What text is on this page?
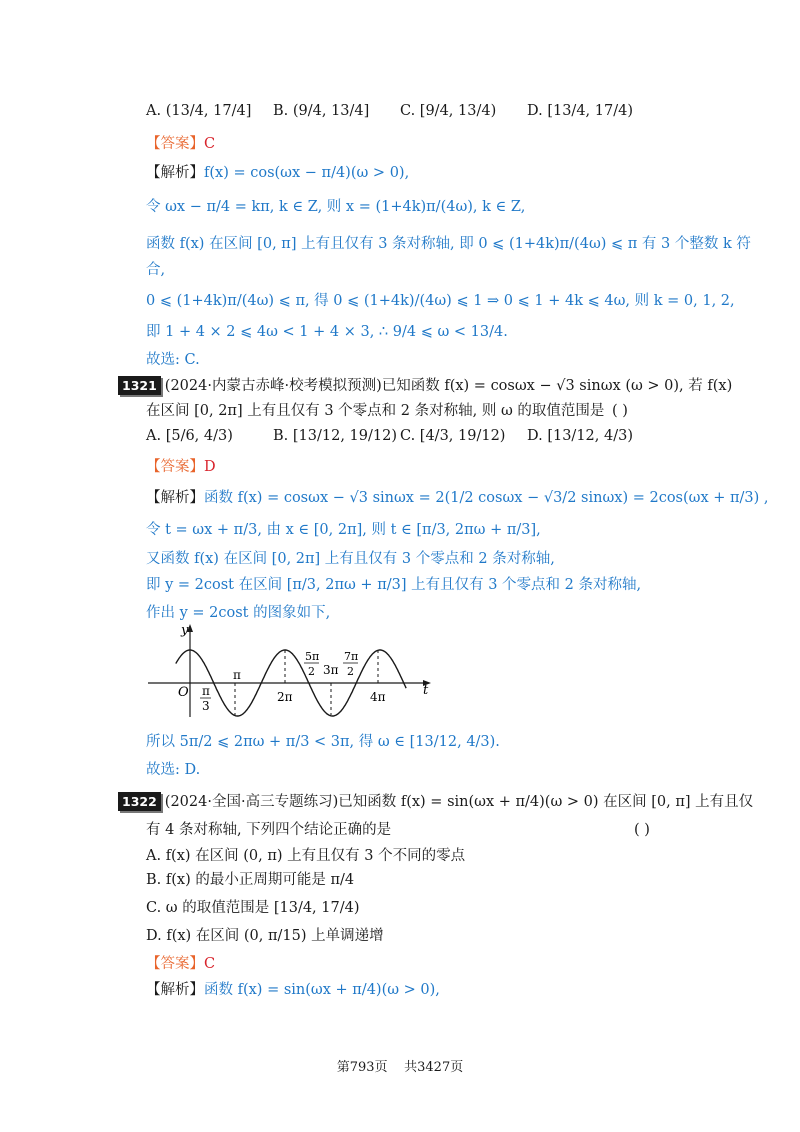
A. (13/4, 17/4] B. (9/4, 13/4] C. [9/4, 13/4) D. [13/4, 17/4)
【答案】C
【解析】f(x) = cos(ωx − π/4)(ω > 0),
令 ωx − π/4 = kπ, k ∈ Z, 则 x = (1+4k)π/(4ω), k ∈ Z,
函数 f(x) 在区间 [0, π] 上有且仅有 3 条对称轴, 即 0 ⩽ (1+4k)π/(4ω) ⩽ π 有 3 个整数 k 符
合,
0 ⩽ (1+4k)π/(4ω) ⩽ π, 得 0 ⩽ (1+4k)/(4ω) ⩽ 1 ⇒ 0 ⩽ 1 + 4k ⩽ 4ω, 则 k = 0, 1, 2,
即 1 + 4 × 2 ⩽ 4ω < 1 + 4 × 3, ∴ 9/4 ⩽ ω < 13/4.
故选: C.
1321 (2024·内蒙古赤峰·校考模拟预测)已知函数 f(x) = cosωx − √3 sinωx (ω > 0), 若 f(x)
在区间 [0, 2π] 上有且仅有 3 个零点和 2 条对称轴, 则 ω 的取值范围是 ( )
A. [5/6, 4/3)	B. [13/12, 19/12) C. [4/3, 19/12) D. [13/12, 4/3)
【答案】D
【解析】函数 f(x) = cosωx − √3 sinωx = 2(1/2 cosωx − √3/2 sinωx) = 2cos(ωx + π/3) ,
令 t = ωx + π/3, 由 x ∈ [0, 2π], 则 t ∈ [π/3, 2πω + π/3],
又函数 f(x) 在区间 [0, 2π] 上有且仅有 3 个零点和 2 条对称轴,
即 y = 2cost 在区间 [π/3, 2πω + π/3] 上有且仅有 3 个零点和 2 条对称轴,
作出 y = 2cost 的图象如下,
y
t
O π
3
π
2π
5π
2 3π
7π
2
4π
所以 5π/2 ⩽ 2πω + π/3 < 3π, 得 ω ∈ [13/12, 4/3).
故选: D.
1322 (2024·全国·高三专题练习)已知函数 f(x) = sin(ωx + π/4)(ω > 0) 在区间 [0, π] 上有且仅
有 4 条对称轴, 下列四个结论正确的是	( )
A. f(x) 在区间 (0, π) 上有且仅有 3 个不同的零点
B. f(x) 的最小正周期可能是 π/4
C. ω 的取值范围是 [13/4, 17/4)
D. f(x) 在区间 (0, π/15) 上单调递增
【答案】C
【解析】函数 f(x) = sin(ωx + π/4)(ω > 0),
第793页 共3427页
